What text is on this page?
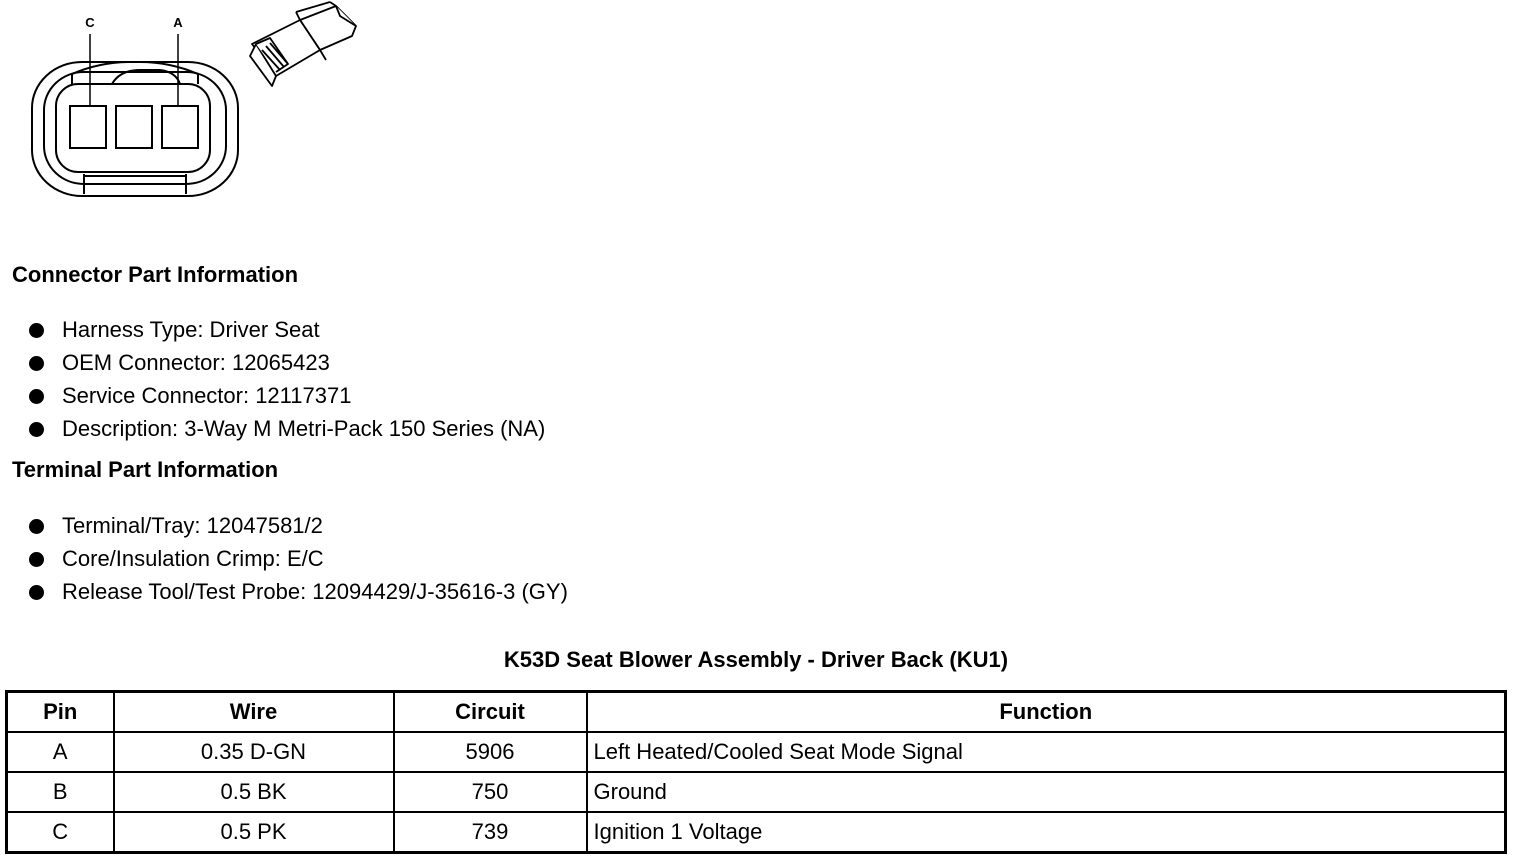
C	A
Connector Part Information
Harness Type: Driver Seat
OEM Connector: 12065423
Service Connector: 12117371
Description: 3-Way M Metri-Pack 150 Series (NA)
Terminal Part Information
Terminal/Tray: 12047581/2
Core/Insulation Crimp: E/C
Release Tool/Test Probe: 12094429/J-35616-3 (GY)
K53D Seat Blower Assembly - Driver Back (KU1)
Pin	Wire	Circuit	Function
A	0.35 D-GN	5906	Left Heated/Cooled Seat Mode Signal
B	0.5 BK	750	Ground
C	0.5 PK	739	Ignition 1 Voltage
